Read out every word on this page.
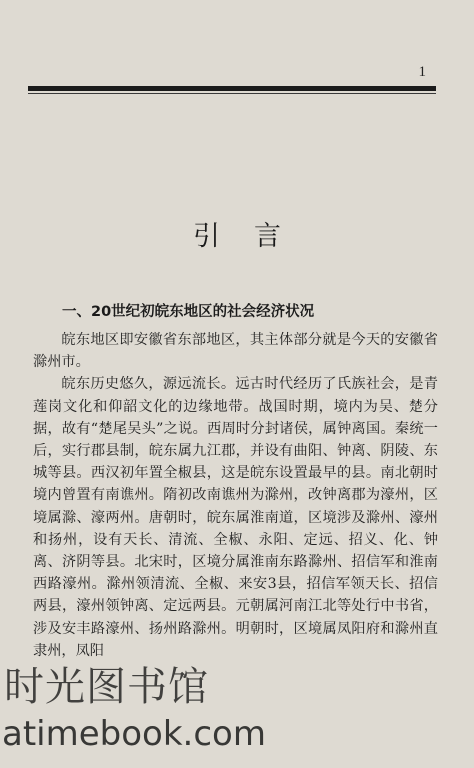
1
引言
一、20世纪初皖东地区的社会经济状况

皖东地区即安徽省东部地区，其主体部分就是今天的安徽省滁州市。

皖东历史悠久，源远流长。远古时代经历了氏族社会，是青莲岗文化和仰韶文化的边缘地带。战国时期，境内为吴、楚分据，故有“楚尾吴头”之说。西周时分封诸侯，属钟离国。秦统一后，实行郡县制，皖东属九江郡，并设有曲阳、钟离、阴陵、东城等县。西汉初年置全椒县，这是皖东设置最早的县。南北朝时境内曾置有南谯州。隋初改南谯州为滁州，改钟离郡为濠州，区境属滁、濠两州。唐朝时，皖东属淮南道，区境涉及滁州、濠州和扬州，设有天长、清流、全椒、永阳、定远、招义、化、钟离、济阴等县。北宋时，区境分属淮南东路滁州、招信军和淮南西路濠州。滁州领清流、全椒、来安3县，招信军领天长、招信两县，濠州领钟离、定远两县。元朝属河南江北等处行中书省，涉及安丰路濠州、扬州路滁州。明朝时，区境属凤阳府和滁州直隶州，凤阳

时光图书馆
atimebook.com
